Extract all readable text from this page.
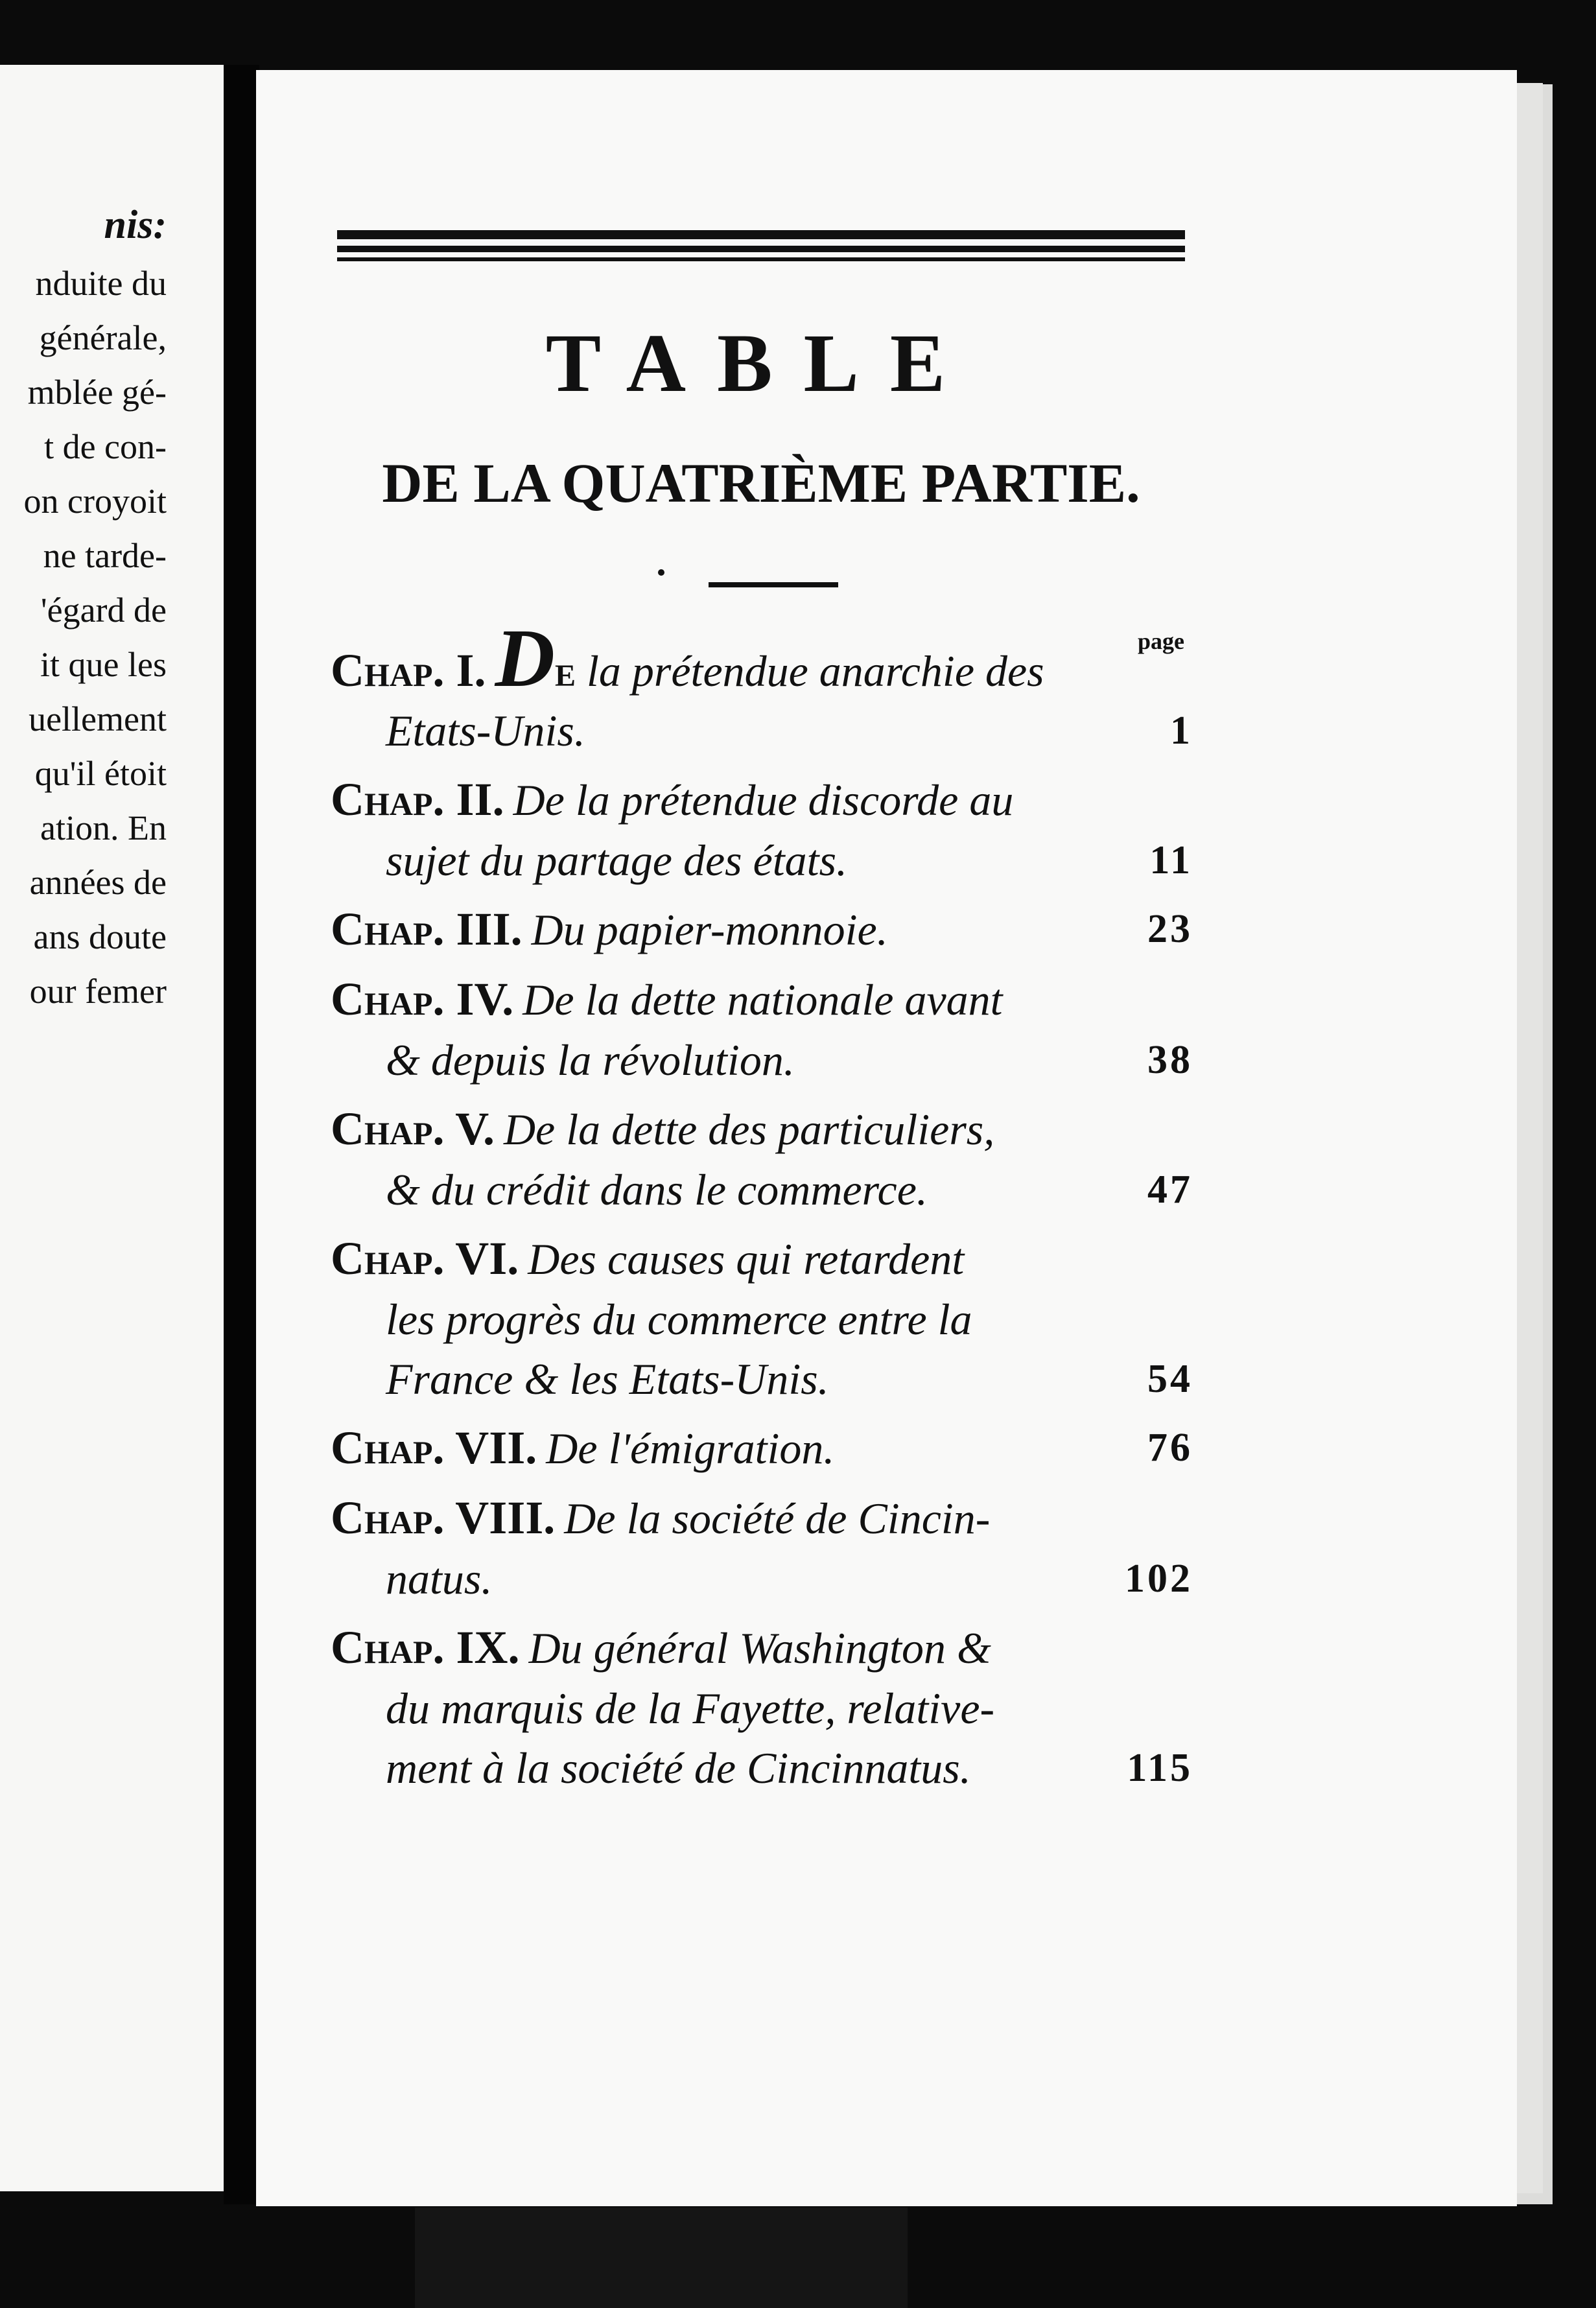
nis:
nduite du
générale,
mblée gé-
t de con-
on croyoit
ne tarde-
'égard de
it que les
uellement
qu'il étoit
ation. En
années de
ans doute
our femer
TABLE
DE LA QUATRIÈME PARTIE.
page
Chap. I. DE la prétendue anarchie des
Etats-Unis.	1
Chap. II. De la prétendue discorde au
sujet du partage des états.	11
Chap. III. Du papier-monnoie.	23
Chap. IV. De la dette nationale avant
& depuis la révolution.	38
Chap. V. De la dette des particuliers,
& du crédit dans le commerce.	47
Chap. VI. Des causes qui retardent
les progrès du commerce entre la
France & les Etats-Unis.	54
Chap. VII. De l'émigration.	76
Chap. VIII. De la société de Cincin-
natus.	102
Chap. IX. Du général Washington &
du marquis de la Fayette, relative-
ment à la société de Cincinnatus.	115
